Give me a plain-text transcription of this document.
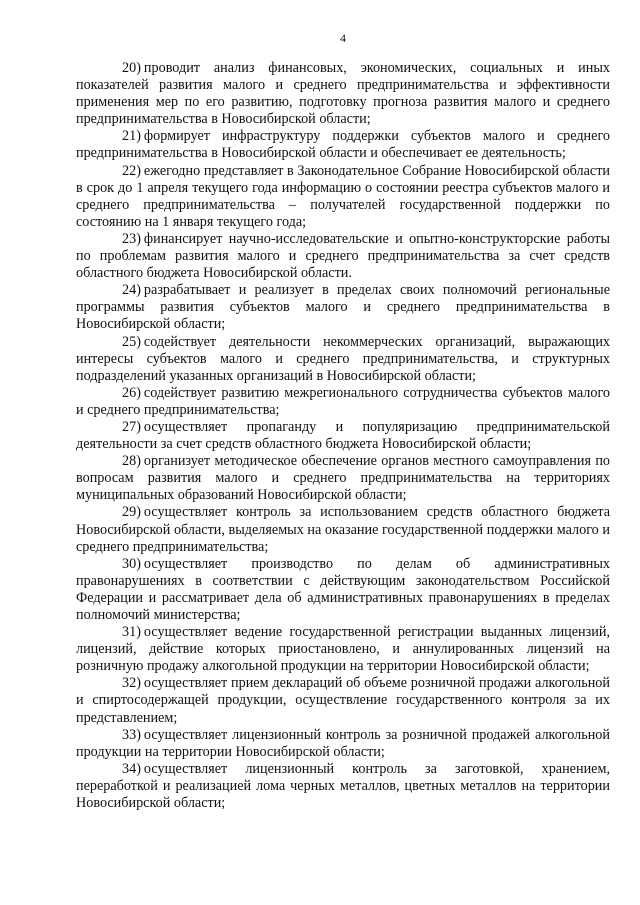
4

20) проводит анализ финансовых, экономических, социальных и иных показателей развития малого и среднего предпринимательства и эффективности применения мер по его развитию, подготовку прогноза развития малого и среднего предпринимательства в Новосибирской области;

21) формирует инфраструктуру поддержки субъектов малого и среднего предпринимательства в Новосибирской области и обеспечивает ее деятельность;

22) ежегодно представляет в Законодательное Собрание Новосибирской области в срок до 1 апреля текущего года информацию о состоянии реестра субъектов малого и среднего предпринимательства – получателей государственной поддержки по состоянию на 1 января текущего года;

23) финансирует научно-исследовательские и опытно-конструкторские работы по проблемам развития малого и среднего предпринимательства за счет средств областного бюджета Новосибирской области.

24) разрабатывает и реализует в пределах своих полномочий региональные программы развития субъектов малого и среднего предпринимательства в Новосибирской области;

25) содействует деятельности некоммерческих организаций, выражающих интересы субъектов малого и среднего предпринимательства, и структурных подразделений указанных организаций в Новосибирской области;

26) содействует развитию межрегионального сотрудничества субъектов малого и среднего предпринимательства;

27) осуществляет пропаганду и популяризацию предпринимательской деятельности за счет средств областного бюджета Новосибирской области;

28) организует методическое обеспечение органов местного самоуправления по вопросам развития малого и среднего предпринимательства на территориях муниципальных образований Новосибирской области;

29) осуществляет контроль за использованием средств областного бюджета Новосибирской области, выделяемых на оказание государственной поддержки малого и среднего предпринимательства;

30) осуществляет производство по делам об административных правонарушениях в соответствии с действующим законодательством Российской Федерации и рассматривает дела об административных правонарушениях в пределах полномочий министерства;

31) осуществляет ведение государственной регистрации выданных лицензий, лицензий, действие которых приостановлено, и аннулированных лицензий на розничную продажу алкогольной продукции на территории Новосибирской области;

32) осуществляет прием деклараций об объеме розничной продажи алкогольной и спиртосодержащей продукции, осуществление государственного контроля за их представлением;

33) осуществляет лицензионный контроль за розничной продажей алкогольной продукции на территории Новосибирской области;

34) осуществляет лицензионный контроль за заготовкой, хранением, переработкой и реализацией лома черных металлов, цветных металлов на территории Новосибирской области;
